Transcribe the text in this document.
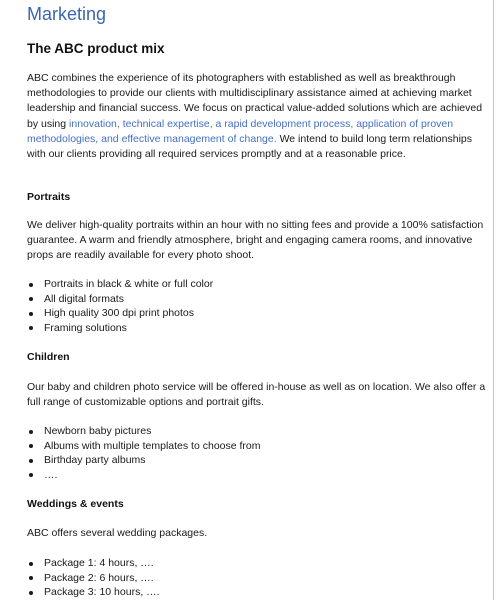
Marketing
The ABC product mix
ABC combines the experience of its photographers with established as well as breakthrough methodologies to provide our clients with multidisciplinary assistance aimed at achieving market leadership and financial success. We focus on practical value-added solutions which are achieved by using innovation, technical expertise, a rapid development process, application of proven methodologies, and effective management of change. We intend to build long term relationships with our clients providing all required services promptly and at a reasonable price.
Portraits
We deliver high-quality portraits within an hour with no sitting fees and provide a 100% satisfaction guarantee. A warm and friendly atmosphere, bright and engaging camera rooms, and innovative props are readily available for every photo shoot.
Portraits in black & white or full color
All digital formats
High quality 300 dpi print photos
Framing solutions
Children
Our baby and children photo service will be offered in-house as well as on location. We also offer a full range of customizable options and portrait gifts.
Newborn baby pictures
Albums with multiple templates to choose from
Birthday party albums
….
Weddings & events
ABC offers several wedding packages.
Package 1: 4 hours, ….
Package 2: 6 hours, ….
Package 3: 10 hours, ….
